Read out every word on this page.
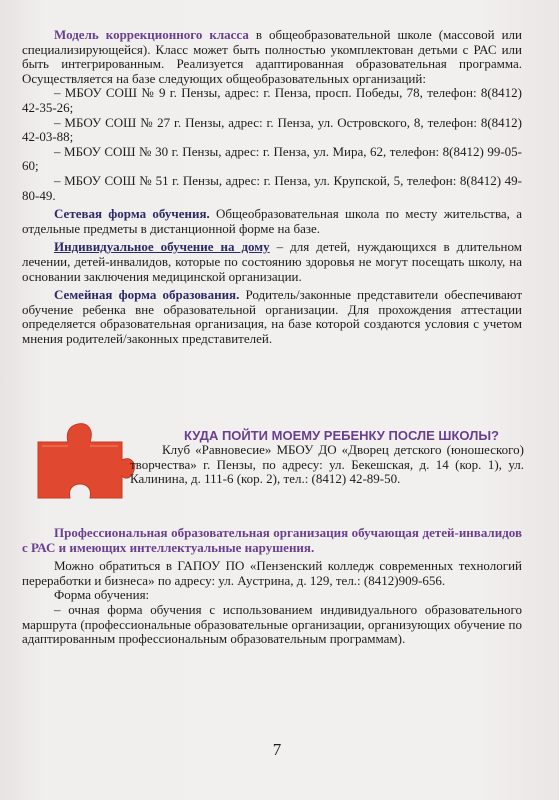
Модель коррекционного класса в общеобразовательной школе (массовой или специализирующейся). Класс может быть полностью укомплектован детьми с РАС или быть интегрированным. Реализуется адаптированная образовательная программа. Осуществляется на базе следующих общеобразовательных организаций:

– МБОУ СОШ № 9 г. Пензы, адрес: г. Пенза, просп. Победы, 78, телефон: 8(8412) 42-35-26;

– МБОУ СОШ № 27 г. Пензы, адрес: г. Пенза, ул. Островского, 8, телефон: 8(8412) 42-03-88;

– МБОУ СОШ № 30 г. Пензы, адрес: г. Пенза, ул. Мира, 62, телефон: 8(8412) 99-05-60;

– МБОУ СОШ № 51 г. Пензы, адрес: г. Пенза, ул. Крупской, 5, телефон: 8(8412) 49-80-49.

Сетевая форма обучения. Общеобразовательная школа по месту жительства, а отдельные предметы в дистанционной форме на базе.

Индивидуальное обучение на дому – для детей, нуждающихся в длительном лечении, детей-инвалидов, которые по состоянию здоровья не могут посещать школу, на основании заключения медицинской организации.

Семейная форма образования. Родитель/законные представители обеспечивают обучение ребенка вне образовательной организации. Для прохождения аттестации определяется образовательная организация, на базе которой создаются условия с учетом мнения родителей/законных представителей.

КУДА ПОЙТИ МОЕМУ РЕБЕНКУ ПОСЛЕ ШКОЛЫ?

Клуб «Равновесие» МБОУ ДО «Дворец детского (юношеского) творчества» г. Пензы, по адресу: ул. Бекешская, д. 14 (кор. 1), ул. Калинина, д. 111-6 (кор. 2), тел.: (8412) 42-89-50.

Профессиональная образовательная организация обучающая детей-инвалидов с РАС и имеющих интеллектуальные нарушения.

Можно обратиться в ГАПОУ ПО «Пензенский колледж современных технологий переработки и бизнеса» по адресу: ул. Аустрина, д. 129, тел.: (8412)909-656.

Форма обучения:

– очная форма обучения с использованием индивидуального образовательного маршрута (профессиональные образовательные организации, организующих обучение по адаптированным профессиональным образовательным программам).

7
